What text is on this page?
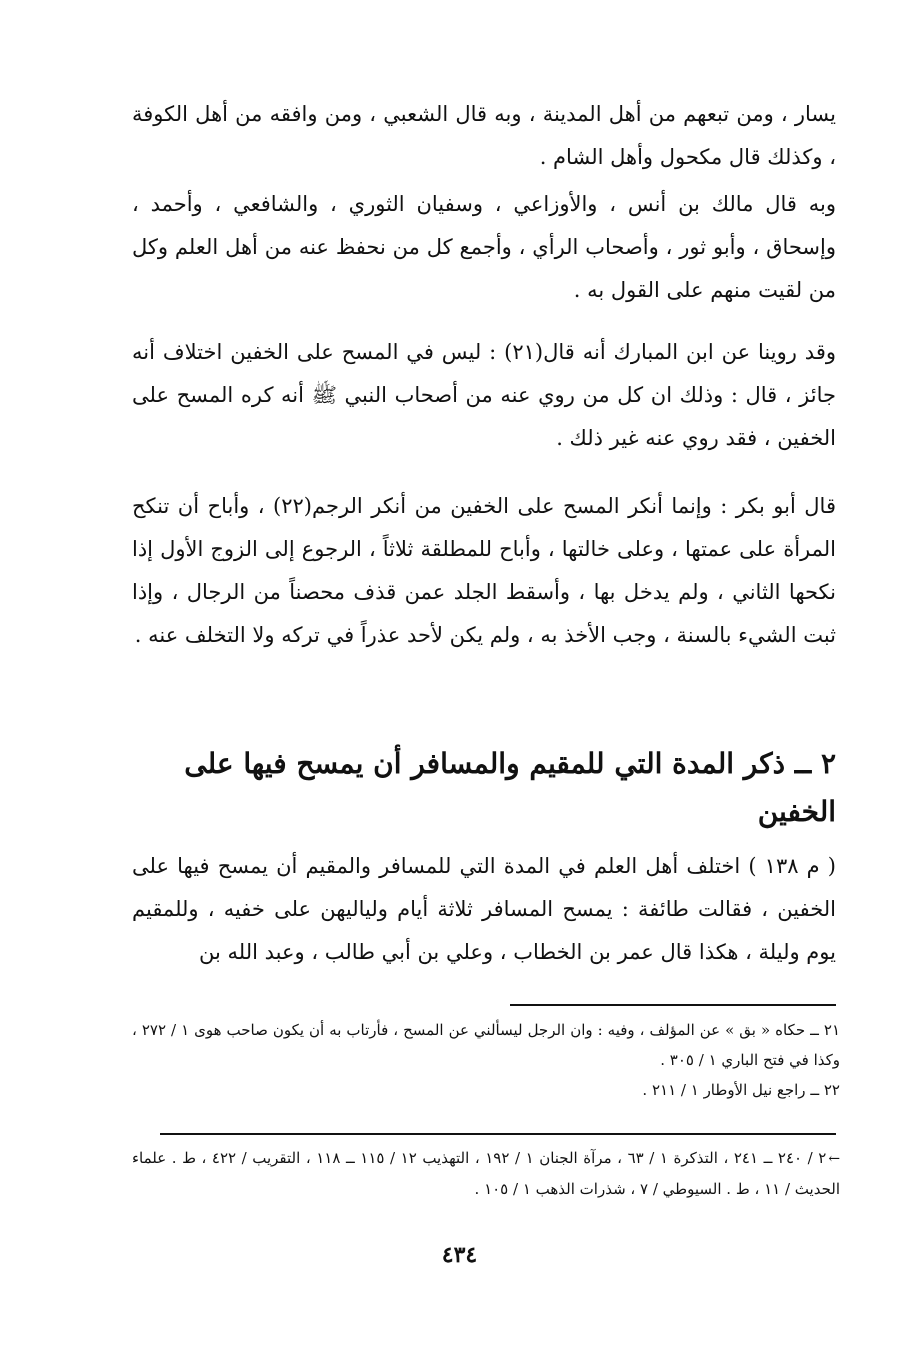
يسار ، ومن تبعهم من أهل المدينة ، وبه قال الشعبي ، ومن وافقه من أهل الكوفة ، وكذلك قال مكحول وأهل الشام .

وبه قال مالك بن أنس ، والأوزاعي ، وسفيان الثوري ، والشافعي ، وأحمد ، وإسحاق ، وأبو ثور ، وأصحاب الرأي ، وأجمع كل من نحفظ عنه من أهل العلم وكل من لقيت منهم على القول به .

وقد روينا عن ابن المبارك أنه قال(٢١) : ليس في المسح على الخفين اختلاف أنه جائز ، قال : وذلك ان كل من روي عنه من أصحاب النبي ﷺ أنه كره المسح على الخفين ، فقد روي عنه غير ذلك .

قال أبو بكر : وإنما أنكر المسح على الخفين من أنكر الرجم(٢٢) ، وأباح أن تنكح المرأة على عمتها ، وعلى خالتها ، وأباح للمطلقة ثلاثاً ، الرجوع إلى الزوج الأول إذا نكحها الثاني ، ولم يدخل بها ، وأسقط الجلد عمن قذف محصناً من الرجال ، وإذا ثبت الشيء بالسنة ، وجب الأخذ به ، ولم يكن لأحد عذراً في تركه ولا التخلف عنه .

٢ ــ ذكر المدة التي للمقيم والمسافر أن يمسح فيها على الخفين

( م ١٣٨ ) اختلف أهل العلم في المدة التي للمسافر والمقيم أن يمسح فيها على الخفين ، فقالت طائفة : يمسح المسافر ثلاثة أيام ولياليهن على خفيه ، وللمقيم يوم وليلة ، هكذا قال عمر بن الخطاب ، وعلي بن أبي طالب ، وعبد الله بن

٢١ ــ حكاه « بق » عن المؤلف ، وفيه : وان الرجل ليسألني عن المسح ، فأرتاب به أن يكون صاحب هوى ١ / ٢٧٢ ، وكذا في فتح الباري ١ / ٣٠٥ .

٢٢ ــ راجع نيل الأوطار ١ / ٢١١ .

←٢ / ٢٤٠ ــ ٢٤١ ، التذكرة ١ / ٦٣ ، مرآة الجنان ١ / ١٩٢ ، التهذيب ١٢ / ١١٥ ــ ١١٨ ، التقريب / ٤٢٢ ، ط . علماء الحديث / ١١ ، ط . السيوطي / ٧ ، شذرات الذهب ١ / ١٠٥ .

٤٣٤
